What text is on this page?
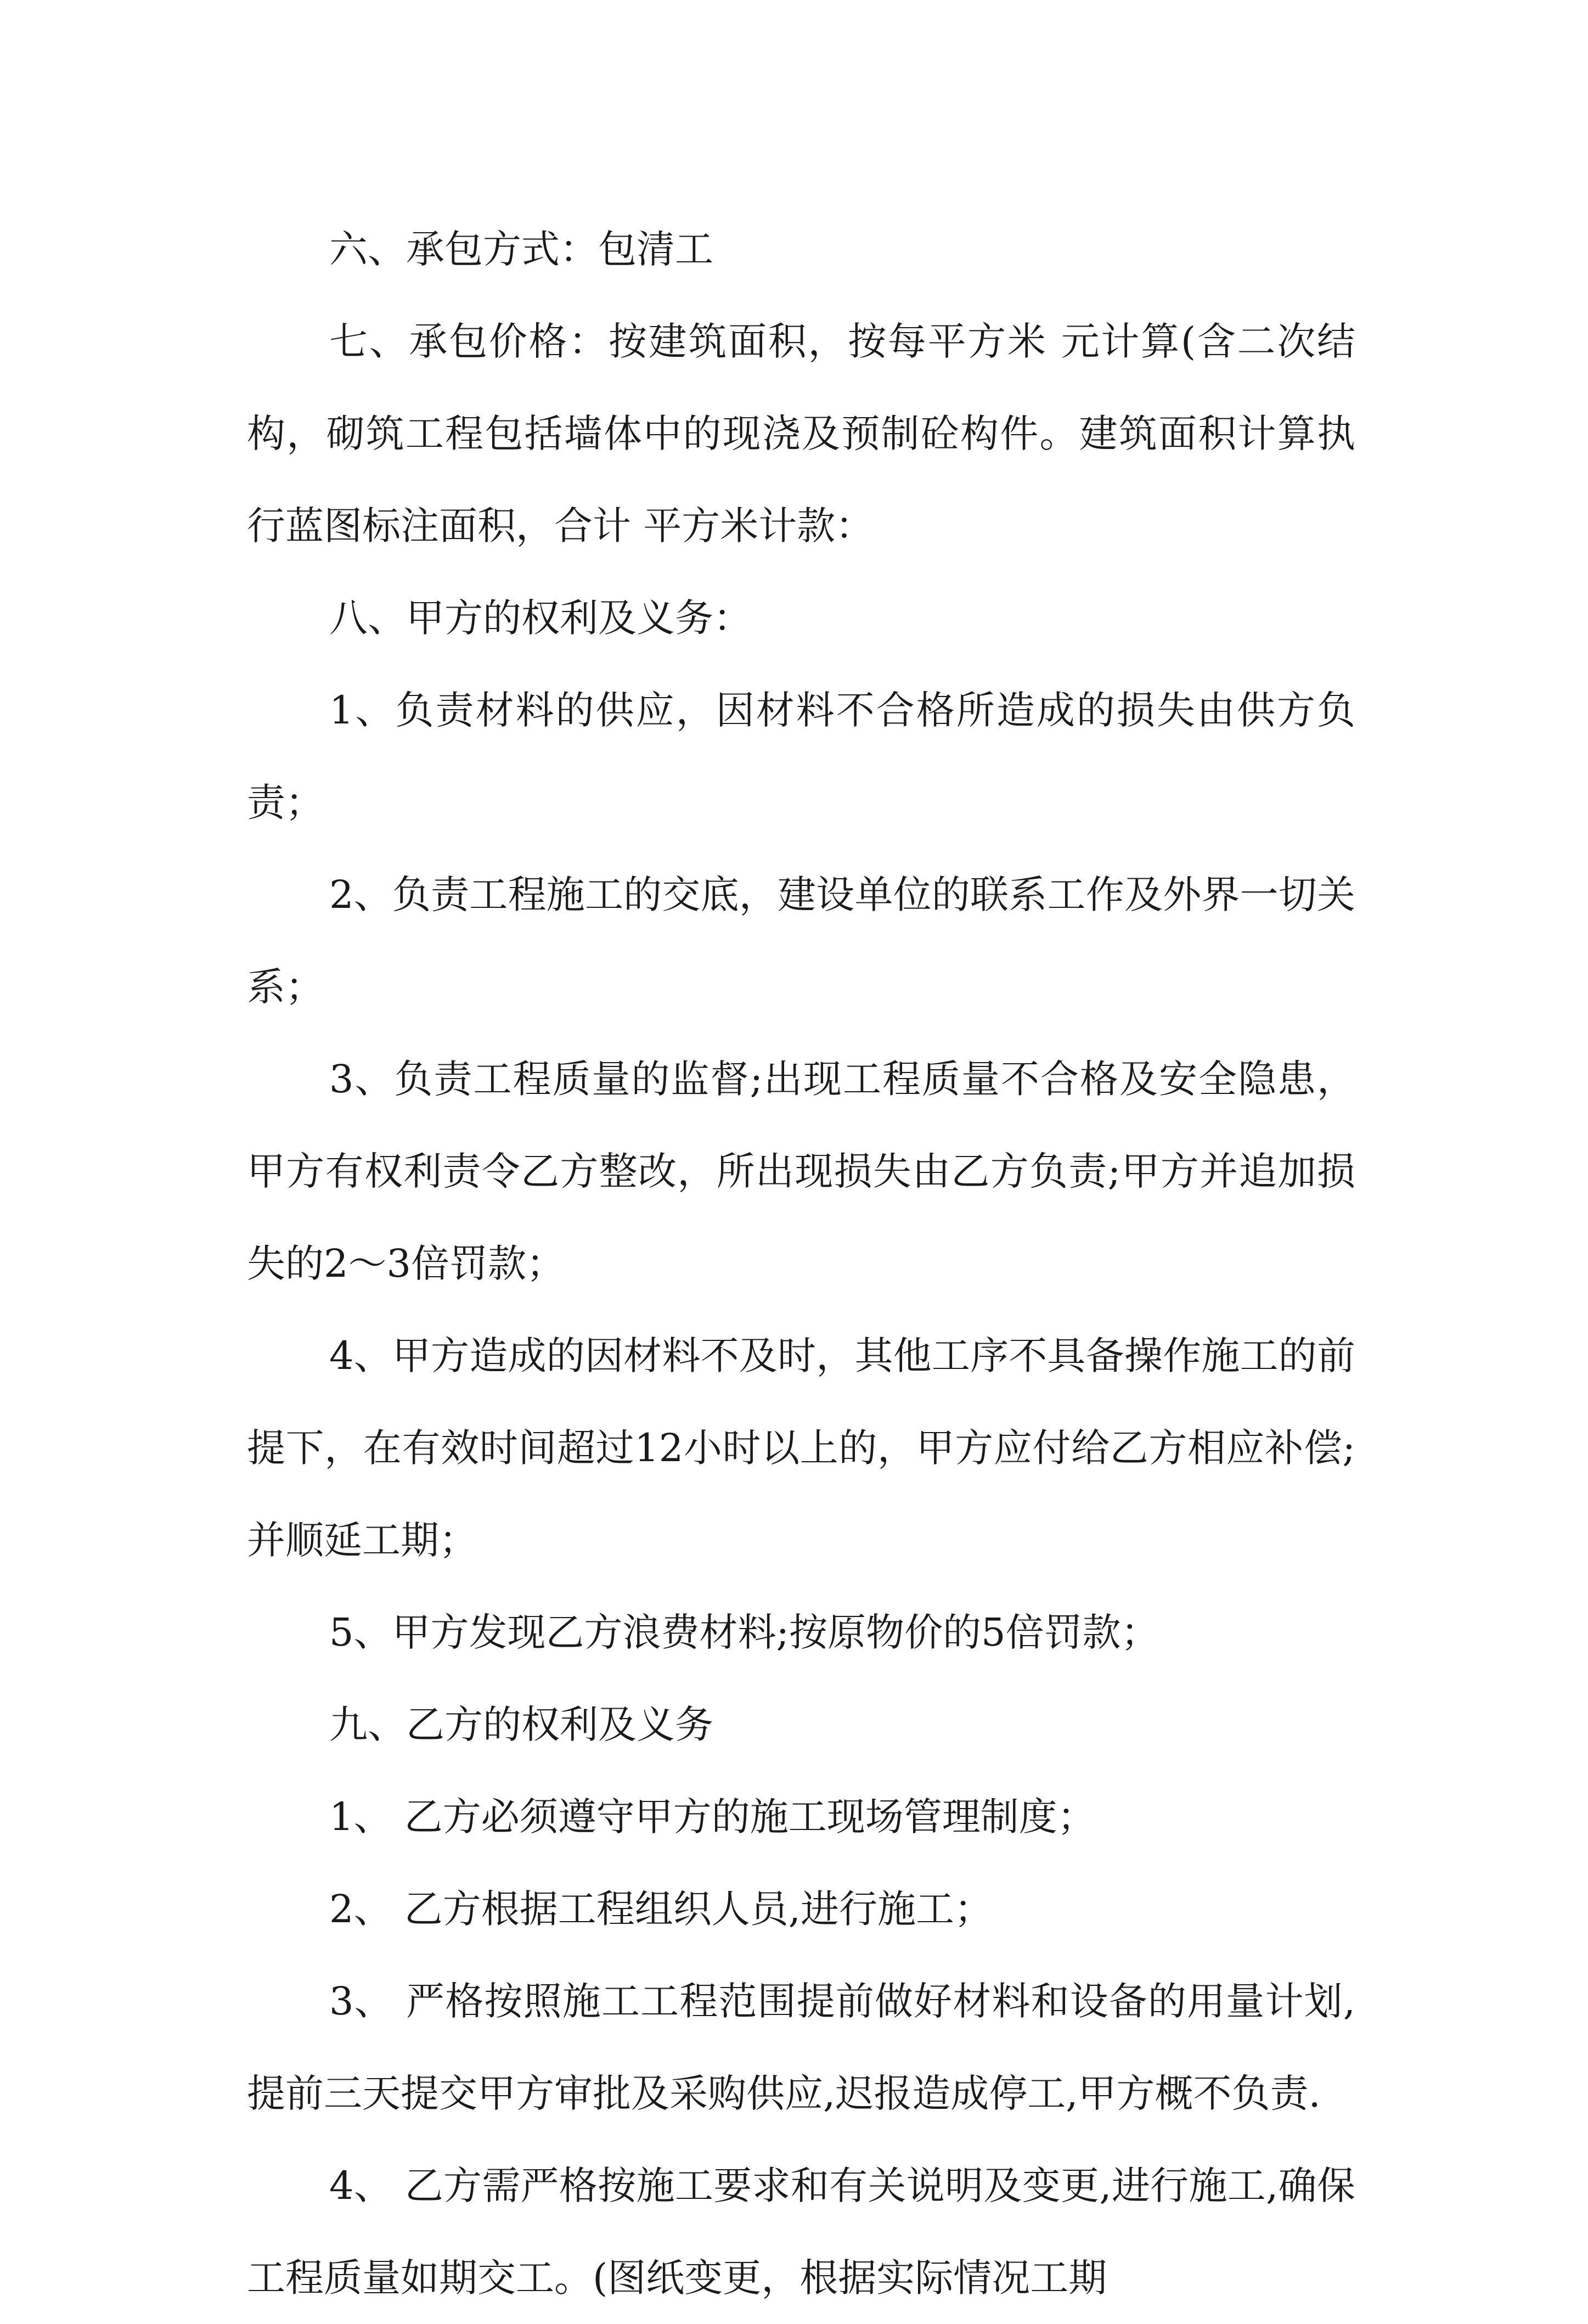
六、承包方式：包清工

七、承包价格：按建筑面积，按每平方米 元计算(含二次结构，砌筑工程包括墙体中的现浇及预制砼构件。建筑面积计算执行蓝图标注面积，合计 平方米计款：

八、甲方的权利及义务：

1、负责材料的供应，因材料不合格所造成的损失由供方负责；

2、负责工程施工的交底，建设单位的联系工作及外界一切关系；

3、负责工程质量的监督;出现工程质量不合格及安全隐患，甲方有权利责令乙方整改，所出现损失由乙方负责;甲方并追加损失的2～3倍罚款；

4、甲方造成的因材料不及时，其他工序不具备操作施工的前提下，在有效时间超过12小时以上的，甲方应付给乙方相应补偿;并顺延工期；

5、甲方发现乙方浪费材料;按原物价的5倍罚款；

九、乙方的权利及义务

1、 乙方必须遵守甲方的施工现场管理制度；

2、 乙方根据工程组织人员,进行施工；

3、 严格按照施工工程范围提前做好材料和设备的用量计划,提前三天提交甲方审批及采购供应,迟报造成停工,甲方概不负责.

4、 乙方需严格按施工要求和有关说明及变更,进行施工,确保工程质量如期交工。(图纸变更，根据实际情况工期
